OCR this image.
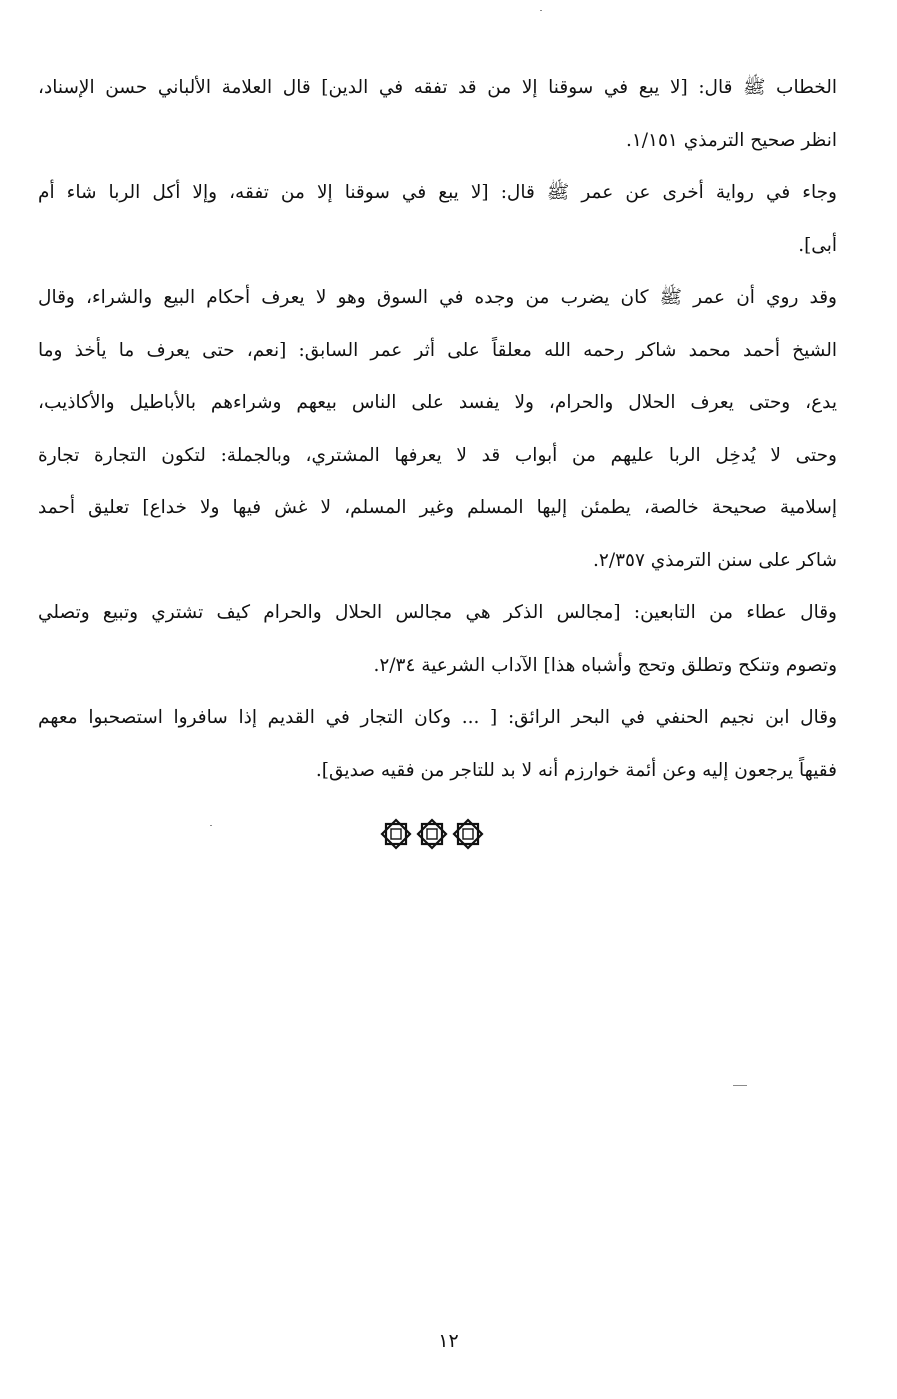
الخطاب ﷺ قال: [لا يبع في سوقنا إلا من قد تفقه في الدين] قال العلامة الألباني حسن الإسناد،
انظر صحيح الترمذي ١/١٥١.
وجاء في رواية أخرى عن عمر ﷺ قال: [لا يبع في سوقنا إلا من تفقه، وإلا أكل الربا شاء أم
أبى].
وقد روي أن عمر ﷺ كان يضرب من وجده في السوق وهو لا يعرف أحكام البيع والشراء، وقال
الشيخ أحمد محمد شاكر رحمه الله معلقاً على أثر عمر السابق: [نعم، حتى يعرف ما يأخذ وما
يدع، وحتى يعرف الحلال والحرام، ولا يفسد على الناس بيعهم وشراءهم بالأباطيل والأكاذيب،
وحتى لا يُدخِل الربا عليهم من أبواب قد لا يعرفها المشتري، وبالجملة: لتكون التجارة تجارة
إسلامية صحيحة خالصة، يطمئن إليها المسلم وغير المسلم، لا غش فيها ولا خداع] تعليق أحمد
شاكر على سنن الترمذي ٢/٣٥٧.
وقال عطاء من التابعين: [مجالس الذكر هي مجالس الحلال والحرام كيف تشتري وتبيع وتصلي
وتصوم وتنكح وتطلق وتحج وأشباه هذا] الآداب الشرعية ٢/٣٤.
وقال ابن نجيم الحنفي في البحر الرائق: [ ... وكان التجار في القديم إذا سافروا استصحبوا معهم
فقيهاً يرجعون إليه وعن أئمة خوارزم أنه لا بد للتاجر من فقيه صديق].
١٢
